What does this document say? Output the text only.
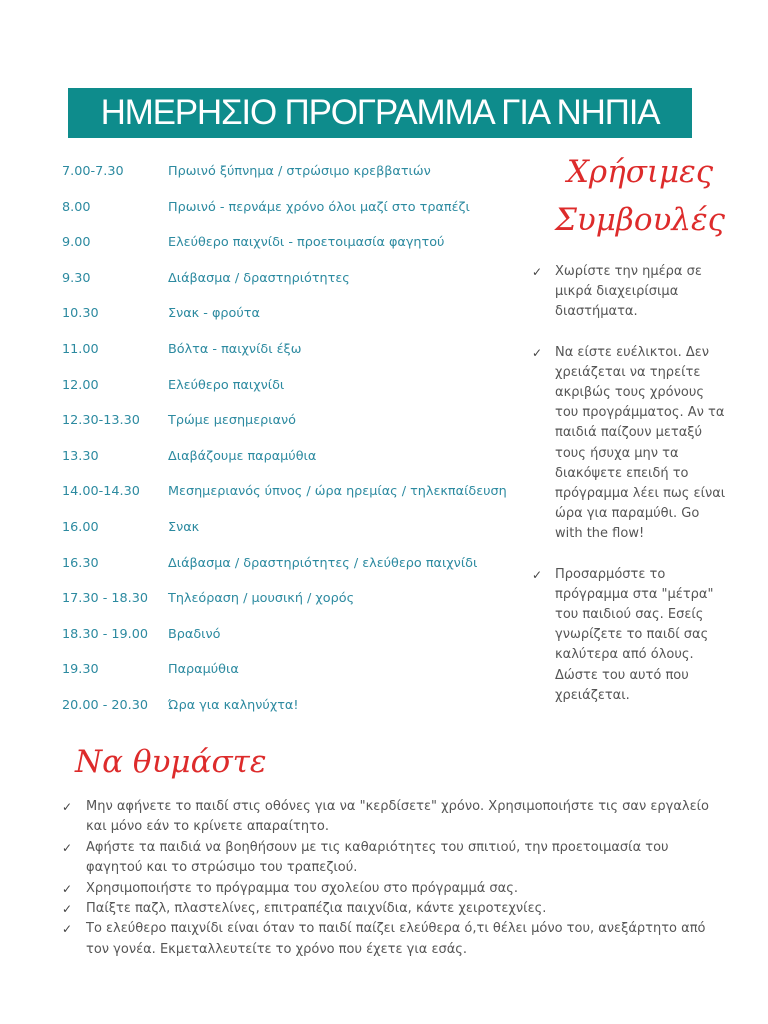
ΗΜΕΡΗΣΙΟ ΠΡΟΓΡΑΜΜΑ ΓΙΑ ΝΗΠΙΑ
7.00-7.30	Πρωινό ξύπνημα / στρώσιμο κρεββατιών
8.00	Πρωινό - περνάμε χρόνο όλοι μαζί στο τραπέζι
9.00	Ελεύθερο παιχνίδι - προετοιμασία φαγητού
9.30	Διάβασμα / δραστηριότητες
10.30	Σνακ - φρούτα
11.00	Βόλτα - παιχνίδι έξω
12.00	Ελεύθερο παιχνίδι
12.30-13.30 Τρώμε μεσημεριανό
13.30	Διαβάζουμε παραμύθια
14.00-14.30 Μεσημεριανός ύπνος / ώρα ηρεμίας / τηλεκπαίδευση
16.00	Σνακ
16.30	Διάβασμα / δραστηριότητες / ελεύθερο παιχνίδι
17.30 - 18.30 Τηλεόραση / μουσική / χορός
18.30 - 19.00 Βραδινό
19.30	Παραμύθια
20.00 - 20.30 Ώρα για καληνύχτα!
Χρήσιμες
Συμβουλές
✓ Χωρίστε την ημέρα σε μικρά διαχειρίσιμα διαστήματα.
✓ Να είστε ευέλικτοι. Δεν χρειάζεται να τηρείτε ακριβώς τους χρόνους του προγράμματος. Αν τα παιδιά παίζουν μεταξύ τους ήσυχα μην τα διακόψετε επειδή το πρόγραμμα λέει πως είναι ώρα για παραμύθι. Go with the flow!
✓ Προσαρμόστε το πρόγραμμα στα "μέτρα" του παιδιού σας. Εσείς γνωρίζετε το παιδί σας καλύτερα από όλους. Δώστε του αυτό που χρειάζεται.
Να θυμάστε
✓ Μην αφήνετε το παιδί στις οθόνες για να "κερδίσετε" χρόνο. Χρησιμοποιήστε τις σαν εργαλείο και μόνο εάν το κρίνετε απαραίτητο.
✓ Αφήστε τα παιδιά να βοηθήσουν με τις καθαριότητες του σπιτιού, την προετοιμασία του φαγητού και το στρώσιμο του τραπεζιού.
✓ Χρησιμοποιήστε το πρόγραμμα του σχολείου στο πρόγραμμά σας.
✓ Παίξτε παζλ, πλαστελίνες, επιτραπέζια παιχνίδια, κάντε χειροτεχνίες.
✓ Το ελεύθερο παιχνίδι είναι όταν το παιδί παίζει ελεύθερα ό,τι θέλει μόνο του, ανεξάρτητο από τον γονέα. Εκμεταλλευτείτε το χρόνο που έχετε για εσάς.
